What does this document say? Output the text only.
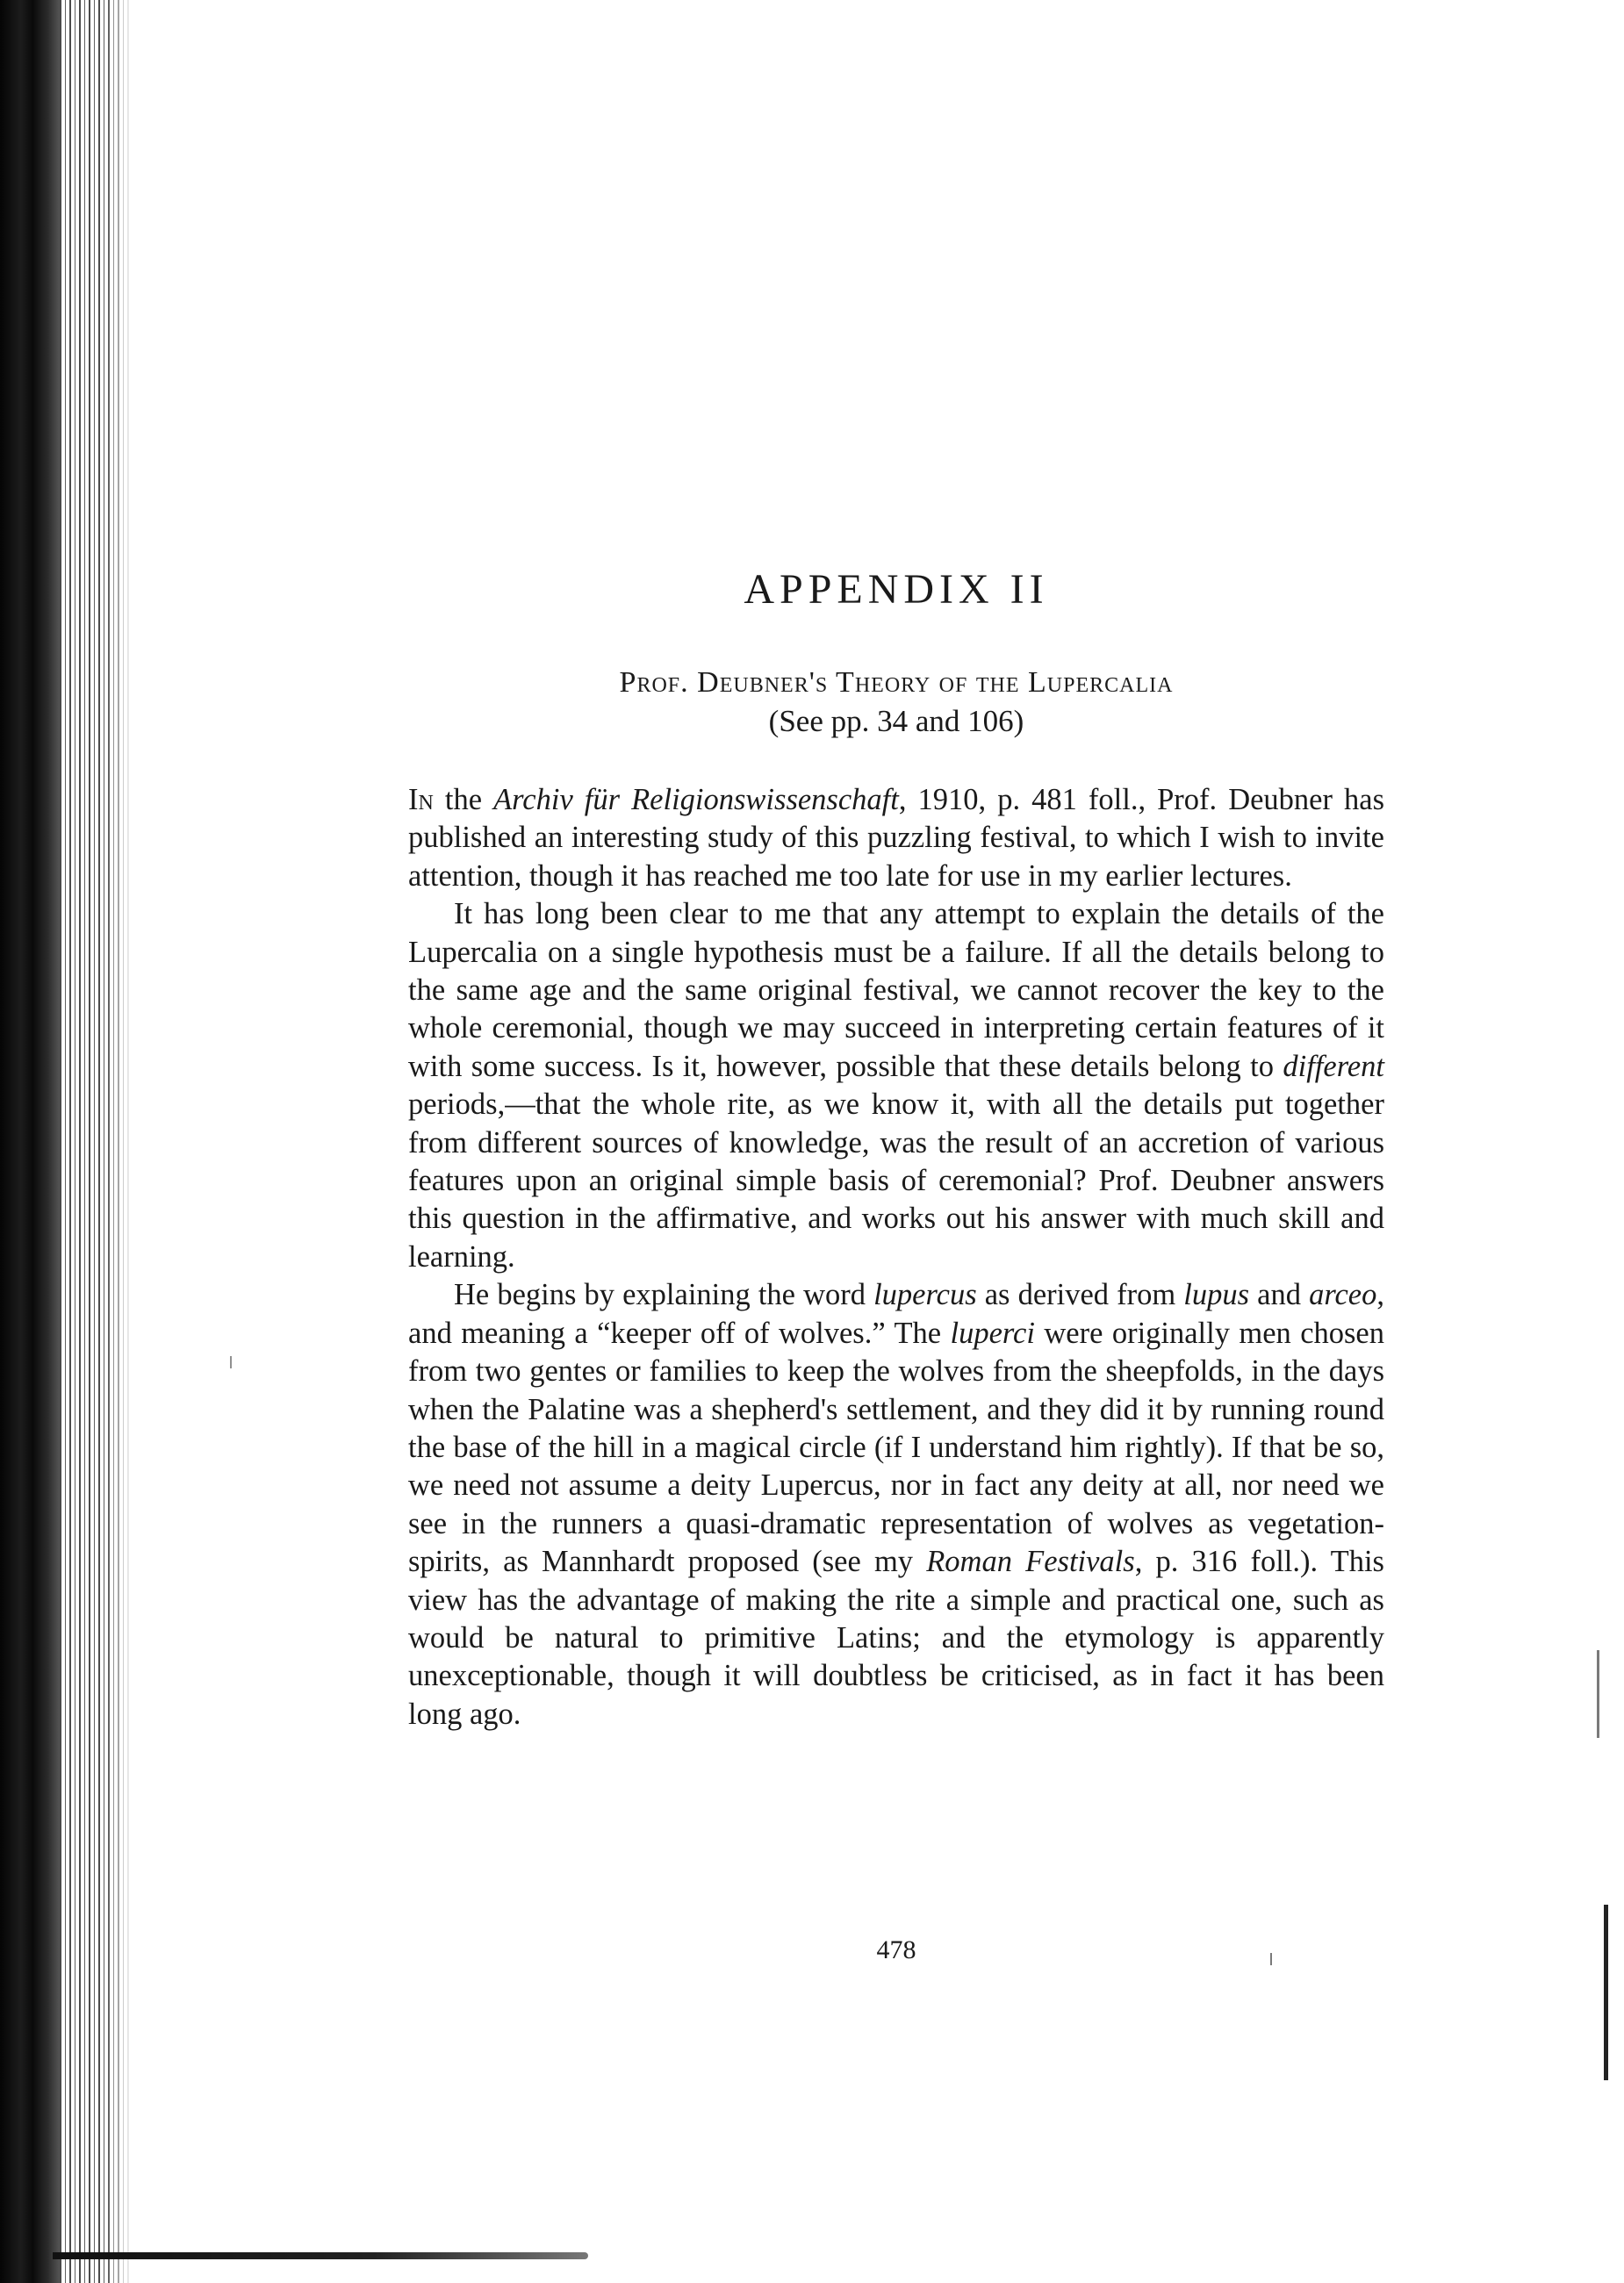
APPENDIX II
Prof. Deubner's Theory of the Lupercalia
(See pp. 34 and 106)

In the Archiv für Religionswissenschaft, 1910, p. 481 foll., Prof. Deubner has published an interesting study of this puzzling festival, to which I wish to invite attention, though it has reached me too late for use in my earlier lectures.

It has long been clear to me that any attempt to explain the details of the Lupercalia on a single hypothesis must be a failure. If all the details belong to the same age and the same original festival, we cannot recover the key to the whole ceremonial, though we may succeed in interpreting certain features of it with some success. Is it, however, possible that these details belong to different periods,—that the whole rite, as we know it, with all the details put together from different sources of knowledge, was the result of an accretion of various features upon an original simple basis of ceremonial? Prof. Deubner answers this question in the affirmative, and works out his answer with much skill and learning.

He begins by explaining the word lupercus as derived from lupus and arceo, and meaning a “keeper off of wolves.” The luperci were originally men chosen from two gentes or families to keep the wolves from the sheepfolds, in the days when the Palatine was a shepherd's settlement, and they did it by running round the base of the hill in a magical circle (if I understand him rightly). If that be so, we need not assume a deity Lupercus, nor in fact any deity at all, nor need we see in the runners a quasi-dramatic representation of wolves as vegetation-spirits, as Mannhardt proposed (see my Roman Festivals, p. 316 foll.). This view has the advantage of making the rite a simple and practical one, such as would be natural to primitive Latins; and the etymology is apparently unexceptionable, though it will doubtless be criticised, as in fact it has been long ago.

478
